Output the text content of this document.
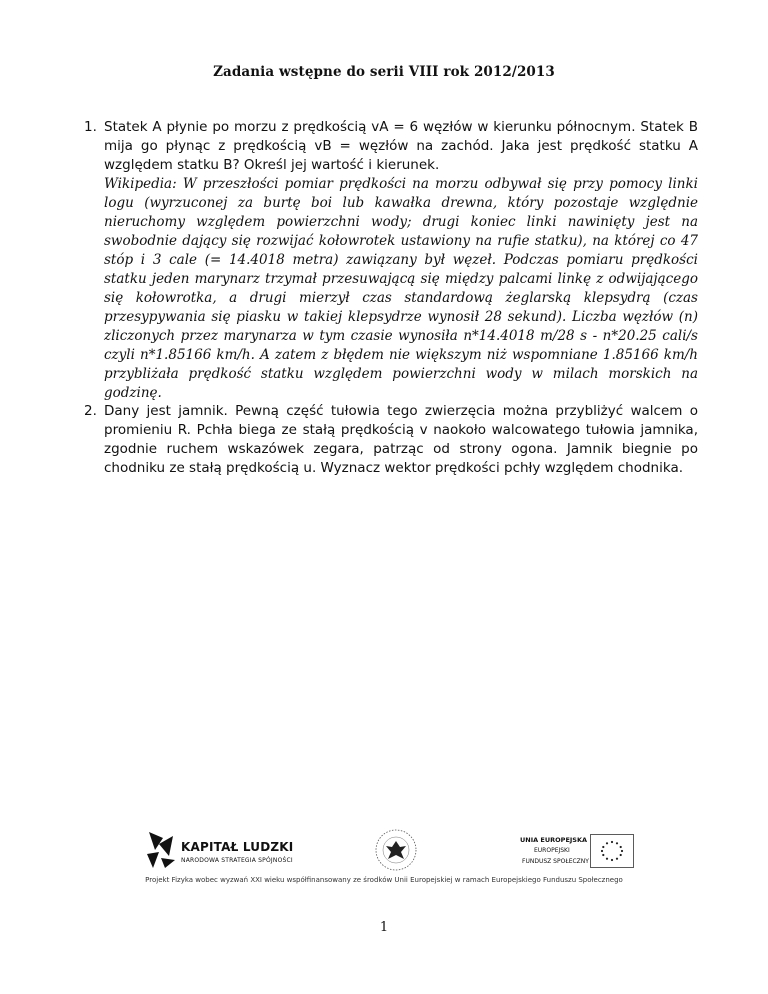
Zadania wstępne do serii VIII rok 2012/2013
1. Statek A płynie po morzu z prędkością vA = 6 węzłów w kierunku północnym. Statek B mija go płynąc z prędkością vB = węzłów na zachód. Jaka jest prędkość statku A względem statku B? Określ jej wartość i kierunek.
Wikipedia: W przeszłości pomiar prędkości na morzu odbywał się przy pomocy linki logu (wyrzuconej za burtę boi lub kawałka drewna, który pozostaje względnie nieruchomy względem powierzchni wody; drugi koniec linki nawinięty jest na swobodnie dający się rozwijać kołowrotek ustawiony na rufie statku), na której co 47 stóp i 3 cale (= 14.4018 metra) zawiązany był węzeł. Podczas pomiaru prędkości statku jeden marynarz trzymał przesuwającą się między palcami linkę z odwijającego się kołowrotka, a drugi mierzył czas standardową żeglarską klepsydrą (czas przesypywania się piasku w takiej klepsydrze wynosił 28 sekund). Liczba węzłów (n) zliczonych przez marynarza w tym czasie wynosiła n*14.4018 m/28 s - n*20.25 cali/s czyli n*1.85166 km/h. A zatem z błędem nie większym niż wspomniane 1.85166 km/h przybliżała prędkość statku względem powierzchni wody w milach morskich na godzinę.
2. Dany jest jamnik. Pewną część tułowia tego zwierzęcia można przybliżyć walcem o promieniu R. Pchła biega ze stałą prędkością v naokoło walcowatego tułowia jamnika, zgodnie ruchem wskazówek zegara, patrząc od strony ogona. Jamnik biegnie po chodniku ze stałą prędkością u. Wyznacz wektor prędkości pchły względem chodnika.
KAPITAŁ LUDZKI
NARODOWA STRATEGIA SPÓJNOŚCI
UNIA EUROPEJSKA
EUROPEJSKI
FUNDUSZ SPOŁECZNY
Projekt Fizyka wobec wyzwań XXI wieku współfinansowany ze środków Unii Europejskiej w ramach Europejskiego Funduszu Społecznego
1
